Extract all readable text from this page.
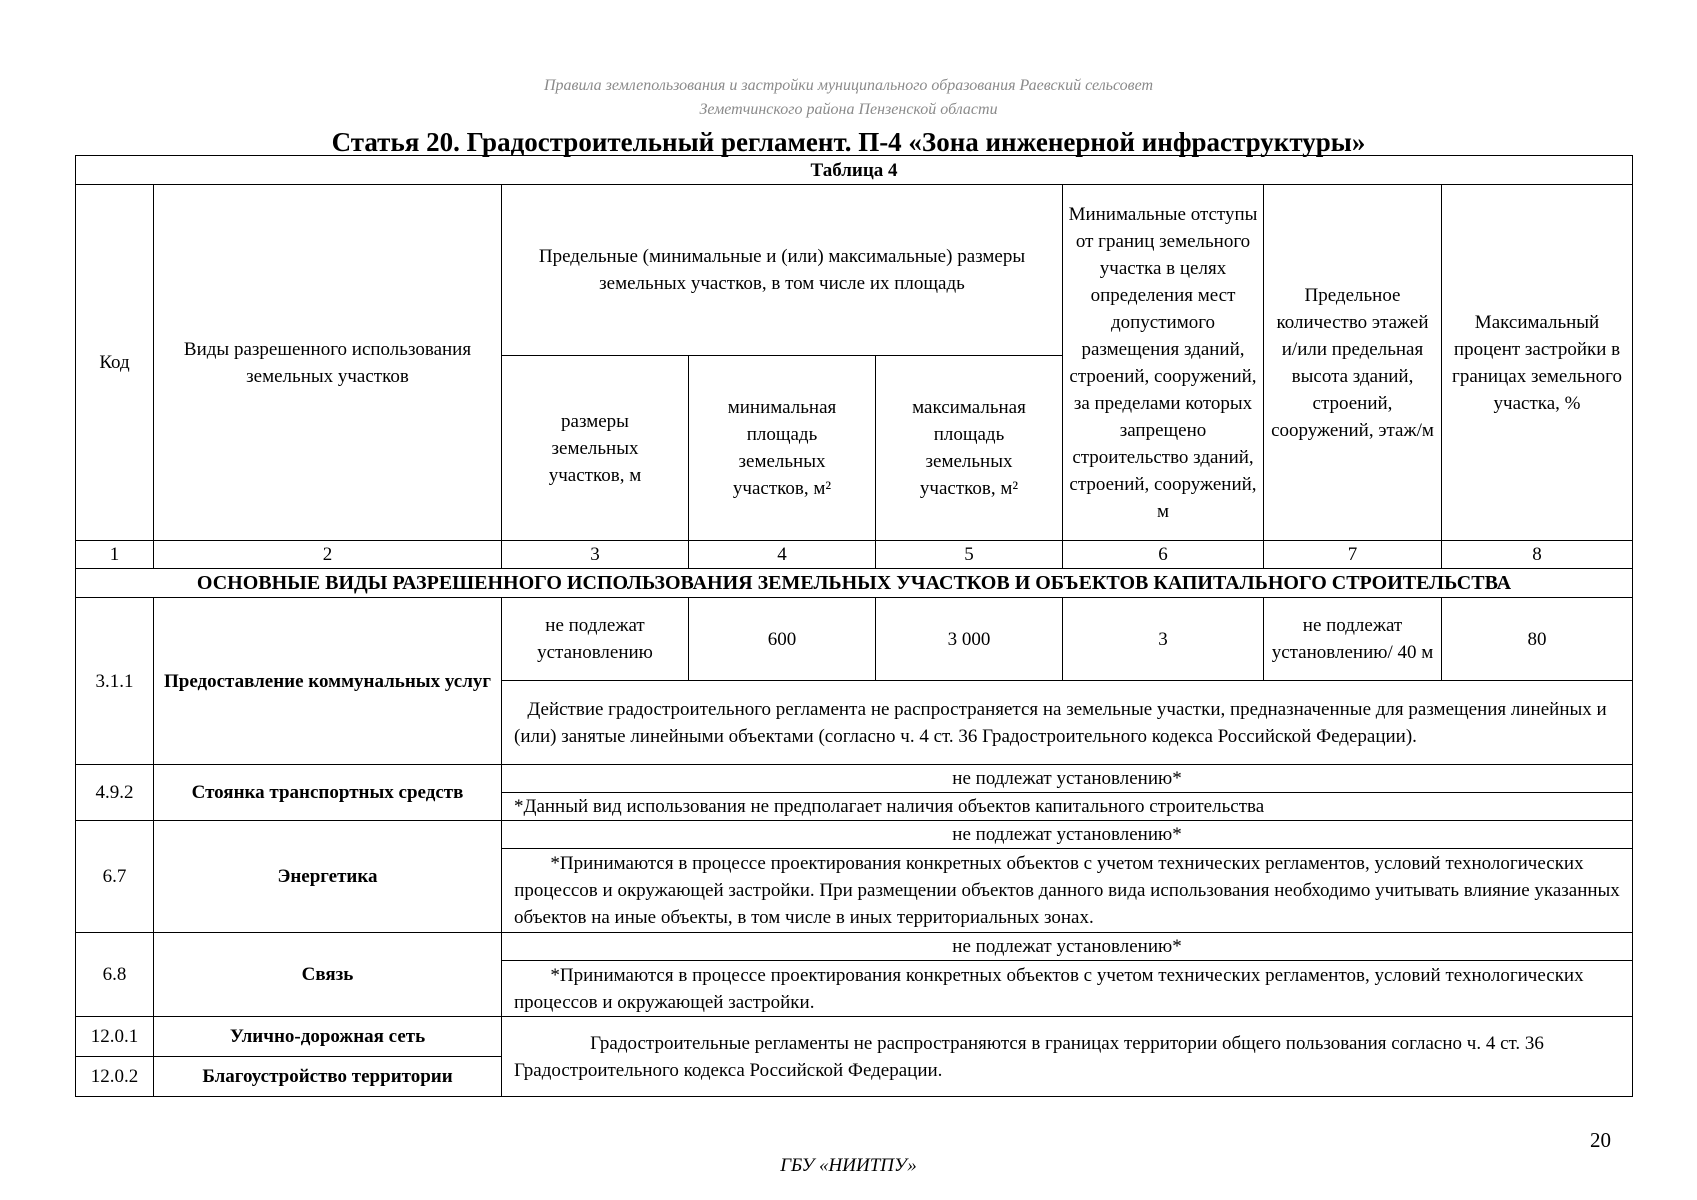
Правила землепользования и застройки муниципального образования Раевский сельсовет
Земетчинского района Пензенской области
Статья 20. Градостроительный регламент. П-4 «Зона инженерной инфраструктуры»
Таблица 4							
Код	Виды разрешенного использования земельных участков	Предельные (минимальные и (или) максимальные) размеры земельных участков, в том числе их площадь			Минимальные отступы от границ земельного участка в целях определения мест допустимого размещения зданий, строений, сооружений, за пределами которых запрещено строительство зданий, строений, сооружений, м	Предельное количество этажей и/или предельная высота зданий, строений, сооружений, этаж/м	Максимальный процент застройки в границах земельного участка, %
		размеры земельных участков, м	минимальная площадь земельных участков, м²	максимальная площадь земельных участков, м²			
1	2	3	4	5	6	7	8
ОСНОВНЫЕ ВИДЫ РАЗРЕШЕННОГО ИСПОЛЬЗОВАНИЯ ЗЕМЕЛЬНЫХ УЧАСТКОВ И ОБЪЕКТОВ КАПИТАЛЬНОГО СТРОИТЕЛЬСТВА							
3.1.1	Предоставление коммунальных услуг	не подлежат установлению	600	3 000	3	не подлежат установлению/ 40 м	80
		Действие градостроительного регламента не распространяется на земельные участки, предназначенные для размещения линейных и (или) занятые линейными объектами (согласно ч. 4 ст. 36 Градостроительного кодекса Российской Федерации).					
4.9.2	Стоянка транспортных средств	не подлежат установлению*					
		*Данный вид использования не предполагает наличия объектов капитального строительства					
6.7	Энергетика	не подлежат установлению*					
		*Принимаются в процессе проектирования конкретных объектов с учетом технических регламентов, условий технологических процессов и окружающей застройки. При размещении объектов данного вида использования необходимо учитывать влияние указанных объектов на иные объекты, в том числе в иных территориальных зонах.					
6.8	Связь	не подлежат установлению*					
		*Принимаются в процессе проектирования конкретных объектов с учетом технических регламентов, условий технологических процессов и окружающей застройки.					
12.0.1	Улично-дорожная сеть	Градостроительные регламенты не распространяются в границах территории общего пользования согласно ч. 4 ст. 36 Градостроительного кодекса Российской Федерации.					
12.0.2	Благоустройство территории						
20
ГБУ «НИИТПУ»
